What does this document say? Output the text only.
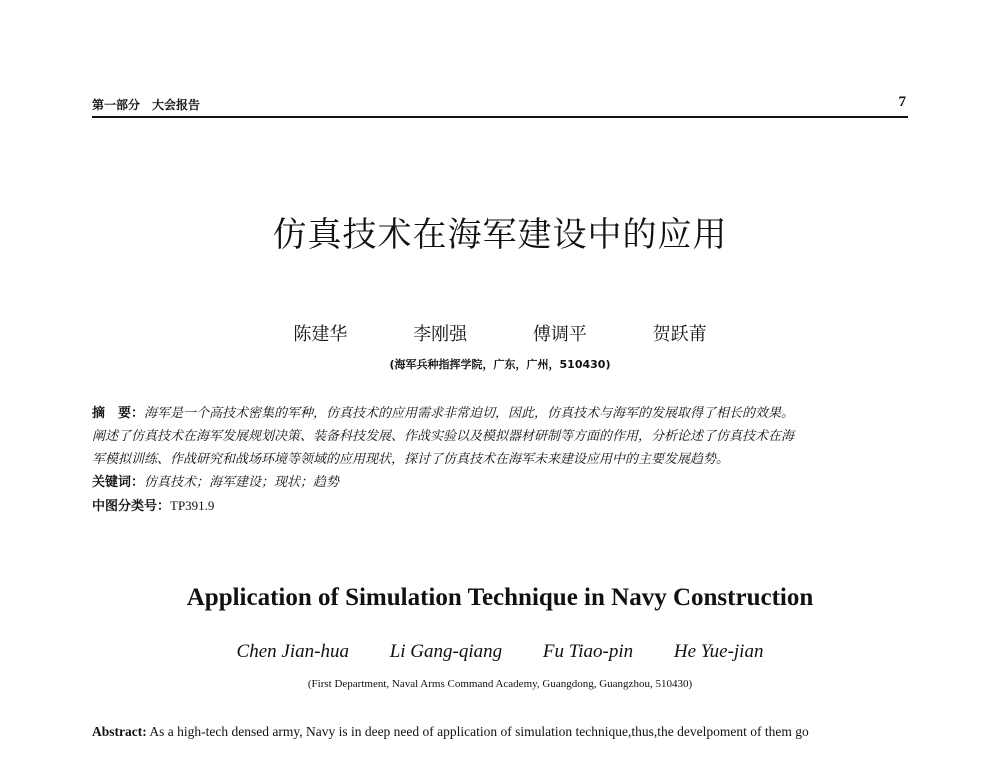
第一部分　大会报告	7
仿真技术在海军建设中的应用
陈建华	李刚强	傅调平	贺跃莆
(海军兵种指挥学院，广东，广州，510430)
摘　要：海军是一个高技术密集的军种，仿真技术的应用需求非常迫切，因此，仿真技术与海军的发展取得了相长的效果。
阐述了仿真技术在海军发展规划决策、装备科技发展、作战实验以及模拟器材研制等方面的作用，分析论述了仿真技术在海
军模拟训练、作战研究和战场环境等领域的应用现状，探讨了仿真技术在海军未来建设应用中的主要发展趋势。
关键词：仿真技术；海军建设；现状；趋势
中图分类号：TP391.9
Application of Simulation Technique in Navy Construction
Chen Jian-hua Li Gang-qiang Fu Tiao-pin He Yue-jian
(First Department, Naval Arms Command Academy, Guangdong, Guangzhou, 510430)
Abstract: As a high-tech densed army, Navy is in deep need of application of simulation technique,thus,the develpoment of them go
